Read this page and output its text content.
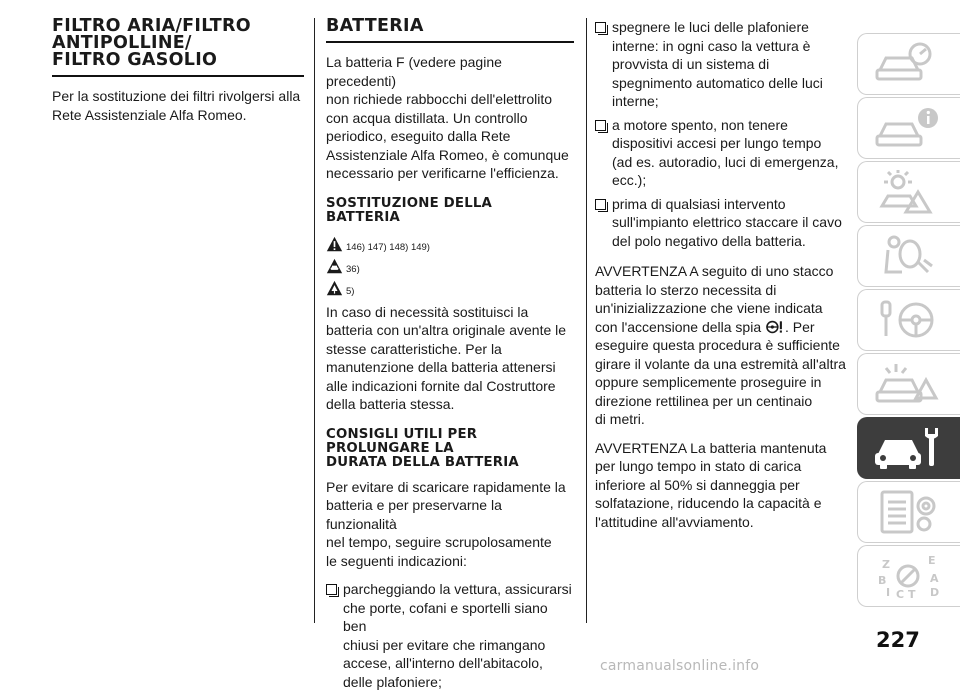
FILTRO ARIA/FILTRO
ANTIPOLLINE/
FILTRO GASOLIO

Per la sostituzione dei filtri rivolgersi alla
Rete Assistenziale Alfa Romeo.

BATTERIA

La batteria F (vedere pagine precedenti)
non richiede rabbocchi dell'elettrolito
con acqua distillata. Un controllo
periodico, eseguito dalla Rete
Assistenziale Alfa Romeo, è comunque
necessario per verificarne l'efficienza.

SOSTITUZIONE DELLA
BATTERIA
146) 147) 148) 149)
36)
5)

In caso di necessità sostituisci la
batteria con un'altra originale avente le
stesse caratteristiche. Per la
manutenzione della batteria attenersi
alle indicazioni fornite dal Costruttore
della batteria stessa.

CONSIGLI UTILI PER
PROLUNGARE LA
DURATA DELLA BATTERIA

Per evitare di scaricare rapidamente la
batteria e per preservarne la funzionalità
nel tempo, seguire scrupolosamente
le seguenti indicazioni:

parcheggiando la vettura, assicurarsi
che porte, cofani e sportelli siano ben
chiusi per evitare che rimangano
accese, all'interno dell'abitacolo,
delle plafoniere;
spegnere le luci delle plafoniere
interne: in ogni caso la vettura è
provvista di un sistema di
spegnimento automatico delle luci
interne;
a motore spento, non tenere
dispositivi accesi per lungo tempo
(ad es. autoradio, luci di emergenza,
ecc.);
prima di qualsiasi intervento
sull'impianto elettrico staccare il cavo
del polo negativo della batteria.

AVVERTENZA A seguito di uno stacco
batteria lo sterzo necessita di
un'inizializzazione che viene indicata
con l'accensione della spia . Per
eseguire questa procedura è sufficiente
girare il volante da una estremità all'altra
oppure semplicemente proseguire in
direzione rettilinea per un centinaio
di metri.

AVVERTENZA La batteria mantenuta
per lungo tempo in stato di carica
inferiore al 50% si danneggia per
solfatazione, riducendo la capacità e
l'attitudine all'avviamento.

Z	E
B	A
I C T D
227
carmanualsonline.info
